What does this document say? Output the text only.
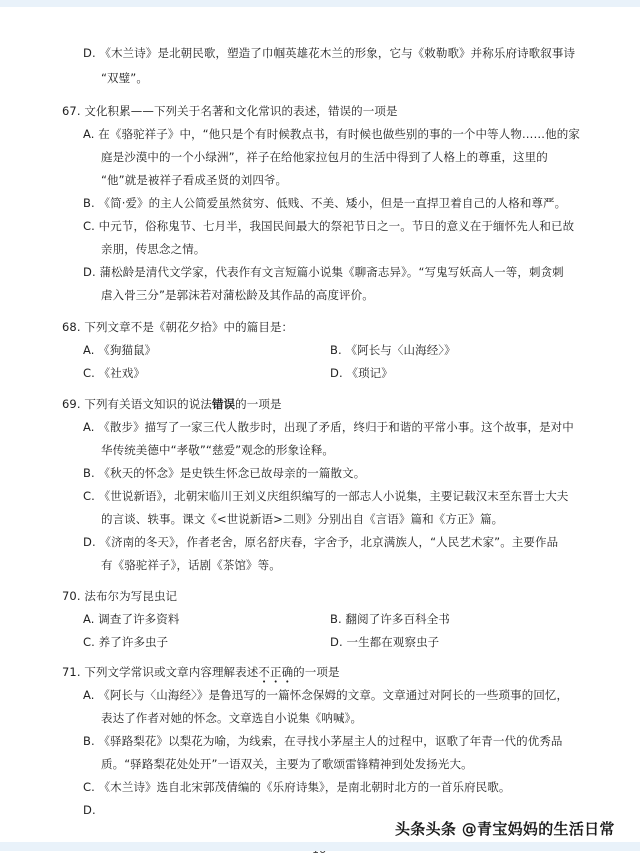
D. 《木兰诗》是北朝民歌，塑造了巾帼英雄花木兰的形象，它与《敕勒歌》并称乐府诗歌叙事诗
“双璧”。
67. 文化积累——下列关于名著和文化常识的表述，错误的一项是
A. 在《骆驼祥子》中，“他只是个有时候教点书，有时候也做些别的事的一个中等人物……他的家
庭是沙漠中的一个小绿洲”，祥子在给他家拉包月的生活中得到了人格上的尊重，这里的
“他”就是被祥子看成圣贤的刘四爷。
B. 《简·爱》的主人公简爱虽然贫穷、低贱、不美、矮小，但是一直捍卫着自己的人格和尊严。
C. 中元节，俗称鬼节、七月半，我国民间最大的祭祀节日之一。节日的意义在于缅怀先人和已故
亲朋，传思念之情。
D. 蒲松龄是清代文学家，代表作有文言短篇小说集《聊斋志异》。“写鬼写妖高人一等，刺贪刺
虐入骨三分”是郭沫若对蒲松龄及其作品的高度评价。
68. 下列文章不是《朝花夕拾》中的篇目是：
A. 《狗猫鼠》	B. 《阿长与〈山海经〉》
C. 《社戏》	D. 《琐记》
69. 下列有关语文知识的说法错误的一项是
A. 《散步》描写了一家三代人散步时，出现了矛盾，终归于和谐的平常小事。这个故事，是对中
华传统美德中“孝敬”“慈爱”观念的形象诠释。
B. 《秋天的怀念》是史铁生怀念已故母亲的一篇散文。
C. 《世说新语》，北朝宋临川王刘义庆组织编写的一部志人小说集，主要记载汉末至东晋士大夫
的言谈、轶事。课文《<世说新语>二则》分别出自《言语》篇和《方正》篇。
D. 《济南的冬天》，作者老舍，原名舒庆春，字舍予，北京满族人，“人民艺术家”。主要作品
有《骆驼祥子》，话剧《茶馆》等。
70. 法布尔为写昆虫记
A. 调查了许多资料	B. 翻阅了许多百科全书
C. 养了许多虫子	D. 一生都在观察虫子
71. 下列文学常识或文章内容理解表述不正确的一项是
A. 《阿长与〈山海经〉》是鲁迅写的一篇怀念保姆的文章。文章通过对阿长的一些琐事的回忆，
表达了作者对她的怀念。文章选自小说集《呐喊》。
B. 《驿路梨花》以梨花为喻，为线索，在寻找小茅屋主人的过程中，讴歌了年青一代的优秀品
质。“驿路梨花处处开”一语双关，主要为了歌颂雷锋精神到处发扬光大。
C. 《木兰诗》选自北宋郭茂倩编的《乐府诗集》，是南北朝时北方的一首乐府民歌。
D.
头条头条 @青宝妈妈的生活日常
